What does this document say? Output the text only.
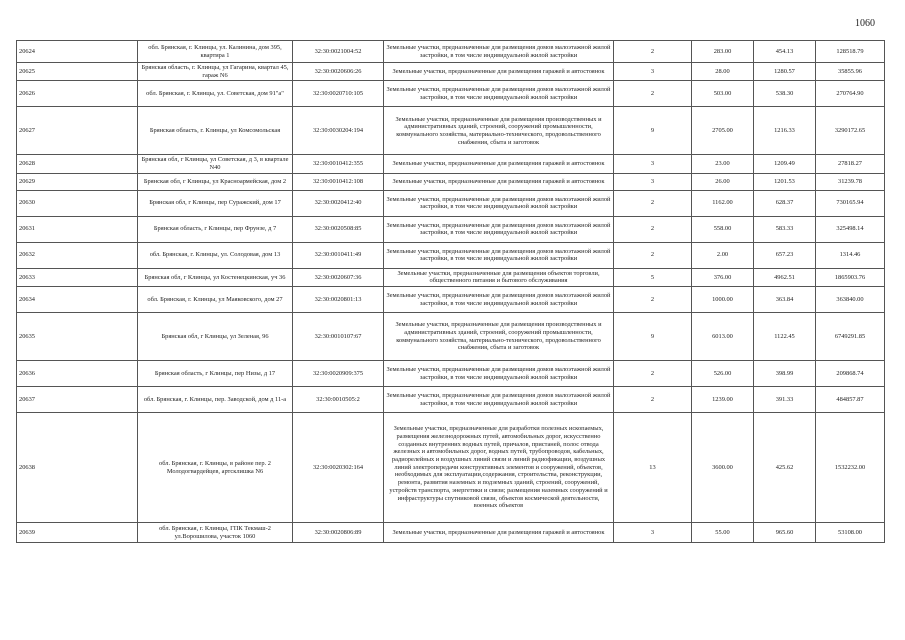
1060
20624	обл. Брянская, г. Клинцы, ул. Калинина, дом 395, квартира 1	32:30:0021004:52	Земельные участки, предназначенные для размещения домов малоэтажной жилой застройки, в том числе индивидуальной жилой застройки	2	283.00	454.13	128518.79
20625	Брянская область, г. Клинцы, ул Гагарина, квартал 45, гараж N6	32:30:0020606:26	Земельные участки, предназначенные для размещения гаражей и автостоянок	3	28.00	1280.57	35855.96
20626	обл. Брянская, г. Клинцы, ул. Советская, дом 91"а"	32:30:0020710:105	Земельные участки, предназначенные для размещения домов малоэтажной жилой застройки, в том числе индивидуальной жилой застройки	2	503.00	538.30	270764.90
20627	Брянская область, г. Клинцы, ул Комсомольская	32:30:0030204:194	Земельные участки, предназначенные для размещения производственных и административных зданий, строений, сооружений промышленности, коммунального хозяйства, материально-технического, продовольственного снабжения, сбыта и заготовок	9	2705.00	1216.33	3290172.65
20628	Брянская обл, г Клинцы, ул Советская, д 3, в квартале N40	32:30:0010412:355	Земельные участки, предназначенные для размещения гаражей и автостоянок	3	23.00	1209.49	27818.27
20629	Брянская обл, г Клинцы, ул Красноармейская, дом 2	32:30:0010412:108	Земельные участки, предназначенные для размещения гаражей и автостоянок	3	26.00	1201.53	31239.78
20630	Брянская обл, г Клинцы, пер Суражский, дом 17	32:30:0020412:40	Земельные участки, предназначенные для размещения домов малоэтажной жилой застройки, в том числе индивидуальной жилой застройки	2	1162.00	628.37	730165.94
20631	Брянская область, г Клинцы, пер Фрунзе, д 7	32:30:0020508:85	Земельные участки, предназначенные для размещения домов малоэтажной жилой застройки, в том числе индивидуальной жилой застройки	2	558.00	583.33	325498.14
20632	обл. Брянская, г. Клинцы, ул. Солодовая, дом 13	32:30:0010411:49	Земельные участки, предназначенные для размещения домов малоэтажной жилой застройки, в том числе индивидуальной жилой застройки	2	2.00	657.23	1314.46
20633	Брянская обл, г Клинцы, ул Костенецкинская, уч 36	32:30:0020607:36	Земельные участки, предназначенные для размещения объектов торговли, общественного питания и бытового обслуживания	5	376.00	4962.51	1865903.76
20634	обл. Брянская, г. Клинцы, ул Маяковского, дом 27	32:30:0020801:13	Земельные участки, предназначенные для размещения домов малоэтажной жилой застройки, в том числе индивидуальной жилой застройки	2	1000.00	363.84	363840.00
20635	Брянская обл, г Клинцы, ул Зеленая, 96	32:30:0010107:67	Земельные участки, предназначенные для размещения производственных и административных зданий, строений, сооружений промышленности, коммунального хозяйства, материально-технического, продовольственного снабжения, сбыта и заготовок	9	6013.00	1122.45	6749291.85
20636	Брянская область, г Клинцы, пер Низы, д 17	32:30:0020909:375	Земельные участки, предназначенные для размещения домов малоэтажной жилой застройки, в том числе индивидуальной жилой застройки	2	526.00	398.99	209868.74
20637	обл. Брянская, г. Клинцы, пер. Заводской, дом д 11-а	32:30:0010505:2	Земельные участки, предназначенные для размещения домов малоэтажной жилой застройки, в том числе индивидуальной жилой застройки	2	1239.00	391.33	484857.87
20638	обл. Брянская, г. Клинцы, в районе пер. 2 Молодогвардейцев, артсклишка N6	32:30:0020302:164	Земельные участки, предназначенные для разработки полезных ископаемых, размещения железнодорожных путей, автомобильных дорог, искусственно созданных внутренних водных путей, причалов, пристаней, полос отвода железных и автомобильных дорог, водных путей, трубопроводов, кабельных, радиорелейных и воздушных линий связи и линий радиофикации, воздушных линий электропередачи конструктивных элементов и сооружений, объектов, необходимых для эксплуатации,содержания, строительства, реконструкции, ремонта, развития наземных и подземных зданий, строений, сооружений, устройств транспорта, энергетики и связи; размещения наземных сооружений и инфраструктуры спутниковой связи, объектов космической деятельности, военных объектов	13	3600.00	425.62	1532232.00
20639	обл. Брянская, г. Клинцы, ГПК Текмаш-2 ул.Ворошилова, участок 1060	32:30:0020806:89	Земельные участки, предназначенные для размещения гаражей и автостоянок	3	55.00	965.60	53108.00
